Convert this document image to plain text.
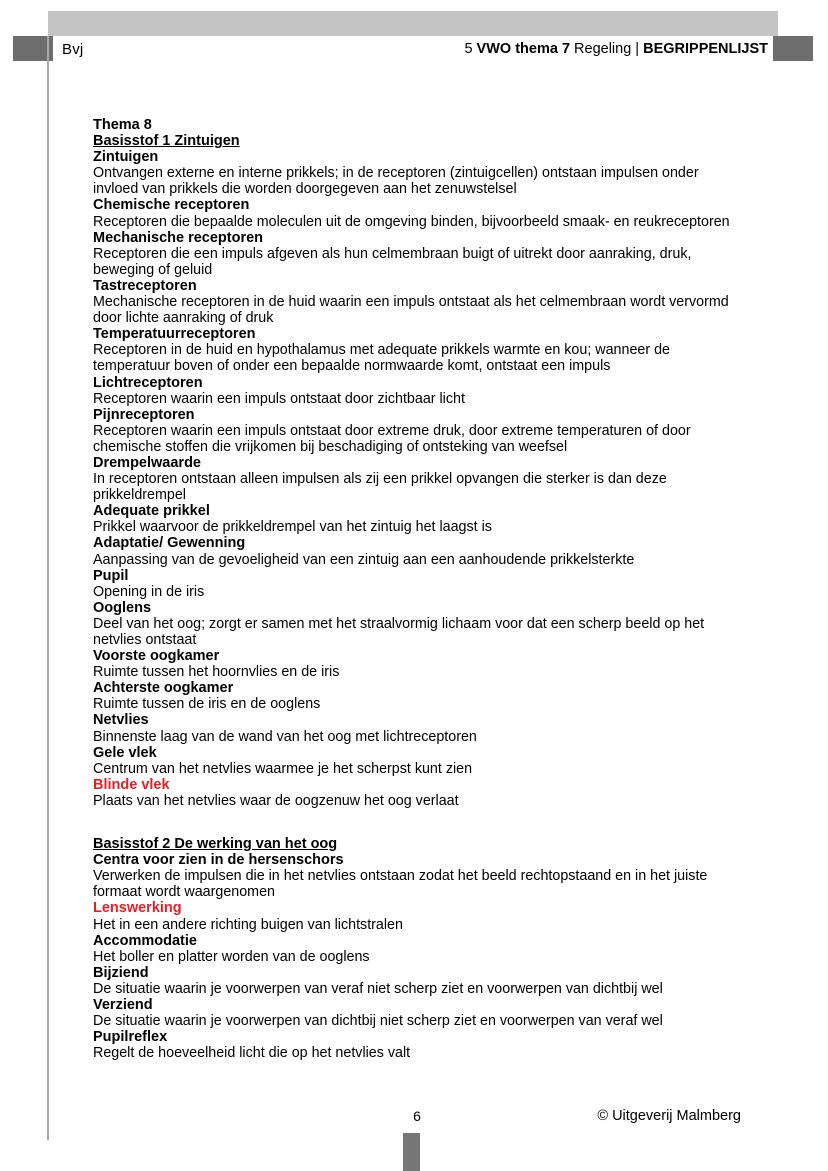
Bvj	5 VWO thema 7 Regeling | BEGRIPPENLIJST
Thema 8
Basisstof 1 Zintuigen
Zintuigen
Ontvangen externe en interne prikkels; in de receptoren (zintuigcellen) ontstaan impulsen onder invloed van prikkels die worden doorgegeven aan het zenuwstelsel
Chemische receptoren
Receptoren die bepaalde moleculen uit de omgeving binden, bijvoorbeeld smaak- en reukreceptoren
Mechanische receptoren
Receptoren die een impuls afgeven als hun celmembraan buigt of uitrekt door aanraking, druk, beweging of geluid
Tastreceptoren
Mechanische receptoren in de huid waarin een impuls ontstaat als het celmembraan wordt vervormd door lichte aanraking of druk
Temperatuurreceptoren
Receptoren in de huid en hypothalamus met adequate prikkels warmte en kou; wanneer de temperatuur boven of onder een bepaalde normwaarde komt, ontstaat een impuls
Lichtreceptoren
Receptoren waarin een impuls ontstaat door zichtbaar licht
Pijnreceptoren
Receptoren waarin een impuls ontstaat door extreme druk, door extreme temperaturen of door chemische stoffen die vrijkomen bij beschadiging of ontsteking van weefsel
Drempelwaarde
In receptoren ontstaan alleen impulsen als zij een prikkel opvangen die sterker is dan deze prikkeldrempel
Adequate prikkel
Prikkel waarvoor de prikkeldrempel van het zintuig het laagst is
Adaptatie/ Gewenning
Aanpassing van de gevoeligheid van een zintuig aan een aanhoudende prikkelsterkte
Pupil
Opening in de iris
Ooglens
Deel van het oog; zorgt er samen met het straalvormig lichaam voor dat een scherp beeld op het netvlies ontstaat
Voorste oogkamer
Ruimte tussen het hoornvlies en de iris
Achterste oogkamer
Ruimte tussen de iris en de ooglens
Netvlies
Binnenste laag van de wand van het oog met lichtreceptoren
Gele vlek
Centrum van het netvlies waarmee je het scherpst kunt zien
Blinde vlek
Plaats van het netvlies waar de oogzenuw het oog verlaat
Basisstof 2 De werking van het oog
Centra voor zien in de hersenschors
Verwerken de impulsen die in het netvlies ontstaan zodat het beeld rechtopstaand en in het juiste formaat wordt waargenomen
Lenswerking
Het in een andere richting buigen van lichtstralen
Accommodatie
Het boller en platter worden van de ooglens
Bijziend
De situatie waarin je voorwerpen van veraf niet scherp ziet en voorwerpen van dichtbij wel
Verziend
De situatie waarin je voorwerpen van dichtbij niet scherp ziet en voorwerpen van veraf wel
Pupilreflex
Regelt de hoeveelheid licht die op het netvlies valt
6	© Uitgeverij Malmberg
